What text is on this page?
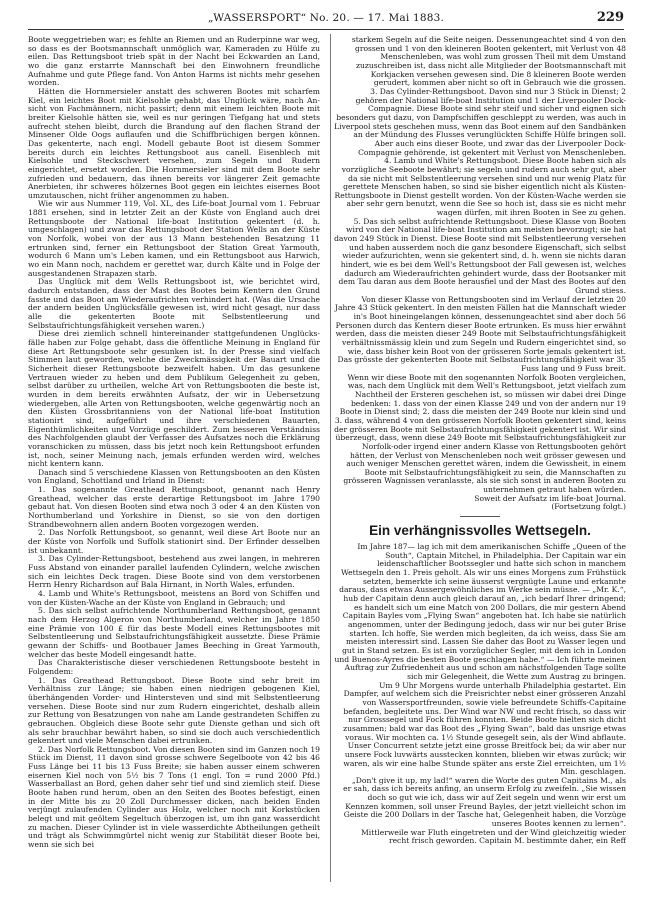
„WASSERSPORT“ No. 20. — 17. Mai 1883.	229

Boote weggetrieben war; es fehlte an Riemen und an Ruderpinne war weg, so dass es der Bootsmannschaft unmöglich war, Kameraden zu Hülfe zu eilen. Das Rettungsboot trieb spät in der Nacht bei Eckwarden an Land, wo die ganz erstarrte Mannschaft bei den Einwohnern freundliche Aufnahme und gute Pflege fand. Von Anton Harms ist nichts mehr gesehen worden.

Hätten die Hornmersieler anstatt des schweren Bootes mit scharfem Kiel, ein leichtes Boot mit Kielsohle gehabt, das Unglück wäre, nach Ansicht von Fachmännern, nicht passirt; denn mit einem leichten Boote mit breiter Kielsohle hätten sie, weil es nur geringen Tiefgang hat und stets aufrecht stehen bleibt, durch die Brandung auf den flachen Strand der Minsener Olde Oogs auflaufen und die Schiffbrüchigen bergen können. Das gekenterte, nach engl. Modell gebaute Boot ist diesem Sommer bereits durch ein leichtes Rettungsboot aus canell. Eisenblech mit Kielsohle und Steckschwert versehen, zum Segeln und Rudern eingerichtet, ersetzt worden. Die Hornmersieler sind mit dem Boote sehr zufrieden und bedauern, das ihnen bereits vor längerer Zeit gemachte Anerbieten, ihr schweres hölzernes Boot gegen ein leichtes eisernes Boot umzutauschen, nicht früher angenommen zu haben.

Wie wir aus Nummer 119, Vol. XL, des Life-boat Journal vom 1. Februar 1881 ersehen, sind in letzter Zeit an der Küste von England auch drei Rettungsboote der National life-boat Institution gekentert (d. h. umgeschlagen) und zwar das Rettungsboot der Station Wells an der Küste von Norfolk, wobei von der aus 13 Mann bestehenden Besatzung 11 ertrunken sind, ferner ein Rettungsboot der Station Great Yarmouth, wodurch 6 Mann um's Leben kamen, und ein Rettungsboot aus Harwich, wo ein Mann noch, nachdem er gerettet war, durch Kälte und in Folge der ausgestandenen Strapazen starb.

Das Unglück mit dem Wells Rettungsboot ist, wie berichtet wird, dadurch entstanden, dass der Mast des Bootes beim Kentern den Grund fasste und das Boot am Wiederaufrichten verhindert hat. (Was die Ursache der andern beiden Unglücksfälle gewesen ist, wird nicht gesagt, nur dass alle die gekenterten Boote mit Selbstentleerung und Selbstaufrichtungsfähigkeit versehen waren.)

Diese drei ziemlich schnell hintereinander stattgefundenen Unglücksfälle haben zur Folge gehabt, dass die öffentliche Meinung in England für diese Art Rettungsboote sehr gesunken ist. In der Presse sind vielfach Stimmen laut geworden, welche die Zweckmässigkeit der Bauart und die Sicherheit dieser Rettungsboote bezweifelt haben. Um das gesunkene Vertrauen wieder zu heben und dem Publikum Gelegenheit zu geben, selbst darüber zu urtheilen, welche Art von Rettungsbooten die beste ist, wurden in dem bereits erwähnten Aufsatz, der wir in Uebersetzung wiedergeben, alle Arten von Rettungsbooten, welche gegenwärtig noch an den Küsten Grossbritanniens von der National life-boat Institution stationirt sind, aufgeführt und ihre verschiedenen Bauarten, Eigenthümlichkeiten und Vorzüge geschildert. Zum besseren Verständniss des Nachfolgenden glaubt der Verfasser des Aufsatzes noch die Erklärung voranschicken zu müssen, dass bis jetzt noch kein Rettungsboot erfunden ist, noch, seiner Meinung nach, jemals erfunden werden wird, welches nicht kentern kann.

Danach sind 5 verschiedene Klassen von Rettungsbooten an den Küsten von England, Schottland und Irland in Dienst:

1. Das sogenannte Greathead Rettungsboot, genannt nach Henry Greathead, welcher das erste derartige Rettungsboot im Jahre 1790 gebaut hat. Von diesen Booten sind etwa noch 3 oder 4 an den Küsten von Northumberland und Yorkshire in Dienst, so sie von den dortigen Strandbewohnern allen andern Booten vorgezogen werden.

2. Das Norfolk Rettungsboot, so genannt, weil diese Art Boote nur an der Küste von Norfolk und Suffolk stationirt sind. Der Erfinder desselben ist unbekannt.

3. Das Cylinder-Rettungsboot, bestehend aus zwei langen, in mehreren Fuss Abstand von einander parallel laufenden Cylindern, welche zwischen sich ein leichtes Deck tragen. Diese Boote sind von dem verstorbenen Herrn Henry Richardson auf Bala Hirnant, in North Wales, erfunden.

4. Lamb und White's Rettungsboot, meistens an Bord von Schiffen und von der Küsten-Wache an der Küste von England in Gebrauch; und

5. Das sich selbst aufrichtende Northumberland Rettungsboot, genannt nach dem Herzog Algeron von Northumberland, welcher im Jahre 1850 eine Prämie von 100 £ für das beste Modell eines Rettungsbootes mit Selbstentleerung und Selbstaufrichtungsfähigkeit aussetzte. Diese Prämie gewann der Schiffs- und Bootbauer James Beeching in Great Yarmouth, welcher das beste Modell eingesandt hatte.

Das Charakteristische dieser verschiedenen Rettungsboote besteht in Folgendem:

1. Das Greathead Rettungsboot. Diese Boote sind sehr breit im Verhältniss zur Länge; sie haben einen niedrigen gebogenen Kiel, überhängenden Vorder- und Hintersteven und sind mit Selbstentleerung versehen. Diese Boote sind nur zum Rudern eingerichtet, deshalb allein zur Rettung von Besatzungen von nahe am Lande gestrandeten Schiffen zu gebrauchen. Obgleich diese Boote sehr gute Dienste gethan und sich oft als sehr brauchbar bewährt haben, so sind sie doch auch verschiedentlich gekentert und viele Menschen dabei ertrunken.

2. Das Norfolk Rettungsboot. Von diesen Booten sind im Ganzen noch 19 Stück im Dienst, 11 davon sind grosse schwere Segelboote von 42 bis 46 Fuss Länge bei 11 bis 13 Fuss Breite; sie haben ausser einem schweren eisernen Kiel noch von 5½ bis 7 Tons (1 engl. Ton = rund 2000 Pfd.) Wasserballast an Bord, gehen daher sehr tief und sind ziemlich steif. Diese Boote haben rund herum, oben an den Seiten des Bootes befestigt, einen in der Mitte bis zu 20 Zoll Durchmesser dicken, nach beiden Enden verjüngt zulaufenden Cylinder aus Holz, welcher noch mit Korkstücken belegt und mit geöltem Segeltuch überzogen ist, um ihn ganz wasserdicht zu machen. Dieser Cylinder ist in viele wasserdichte Abtheilungen getheilt und trägt als Schwimmgürtel nicht wenig zur Stabilität dieser Boote bei, wenn sie sich bei

starkem Segeln auf die Seite neigen. Dessenungeachtet sind 4 von den grossen und 1 von den kleineren Booten gekentert, mit Verlust von 48 Menschenleben, was wohl zum grossen Theil mit dem Umstand zuzuschreiben ist, dass nicht alle Mitglieder der Bootsmannschaft mit Korkjacken versehen gewesen sind. Die 8 kleineren Boote werden gerudert, kommen aber nicht so oft in Gebrauch wie die grossen.

3. Das Cylinder-Rettungsboot. Davon sind nur 3 Stück in Dienst; 2 gehören der National life-boat Institution und 1 der Liverpooler Dock-Compagnie. Diese Boote sind sehr steif und sicher und eignen sich besonders gut dazu, von Dampfschiffen geschleppt zu werden, was auch in Liverpool stets geschehen muss, wenn das Boot einem auf den Sandbänken an der Mündung des Flusses verunglückten Schiffe Hülfe bringen soll. Aber auch eins dieser Boote, und zwar das der Liverpooler Dock-Compagnie gehörende, ist gekentert mit Verlust von Menschenleben.

4. Lamb und White's Rettungsboot. Diese Boote haben sich als vorzügliche Seeboote bewährt; sie segeln und rudern auch sehr gut, aber da sie nicht mit Selbstentleerung versehen sind und nur wenig Platz für gerettete Menschen haben, so sind sie bisher eigentlich nicht als Küsten-Rettungsboote in Dienst gestellt worden. Von der Küsten-Wache werden sie aber sehr gern benutzt, wenn die See so hoch ist, dass sie es nicht mehr wagen dürfen, mit ihren Booten in See zu gehen.

5. Das sich selbst aufrichtende Rettungsboot. Diese Klasse von Booten wird von der National life-boat Institution am meisten bevorzugt; sie hat davon 249 Stück in Dienst. Diese Boote sind mit Selbstentleerung versehen und haben ausserdem noch die ganz besondere Eigenschaft, sich selbst wieder aufzurichten, wenn sie gekentert sind, d. h. wenn sie nichts daran hindert, wie es bei dem Well's Rettungsboot der Fall gewesen ist, welches dadurch am Wiederaufrichten gehindert wurde, dass der Bootsanker mit dem Tau daran aus dem Boote herausfiel und der Mast des Bootes auf den Grund stiess.

Von dieser Klasse von Rettungsbooten sind im Verlauf der letzten 20 Jahre 43 Stück gekentert. In den meisten Fällen hat die Mannschaft wieder in's Boot hineingelangen können, dessenungeachtet sind aber doch 56 Personen durch das Kentern dieser Boote ertrunken. Es muss hier erwähnt werden, dass die meisten dieser 249 Boote mit Selbstaufrichtungsfähigkeit verhältnissmässig klein und zum Segeln und Rudern eingerichtet sind, so wie, dass bisher kein Boot von der grösseren Sorte jemals gekentert ist. Das grösste der gekenterten Boote mit Selbstaufrichtungsfähigkeit war 35 Fuss lang und 9 Fuss breit.

Wenn wir diese Boote mit den sogenannten Norfolk Booten vergleichen, was, nach dem Unglück mit dem Well's Rettungsboot, jetzt vielfach zum Nachtheil der Ersteren geschehen ist, so müssen wir dabei drei Dinge bedenken: 1. dass von der einen Klasse 249 und von der andern nur 19 Boote in Dienst sind; 2. dass die meisten der 249 Boote nur klein sind und 3. dass, während 4 von den grösseren Norfolk Booten gekentert sind, keins der grösseren Boote mit Selbstaufrichtungsfähigkeit gekentert ist. Wir sind überzeugt, dass, wenn diese 249 Boote mit Selbstaufrichtungsfähigkeit zur Norfolk-oder irgend einer andern Klasse von Rettungsbooten gehört hätten, der Verlust von Menschenleben noch weit grösser gewesen und auch weniger Menschen gerettet wären, indem die Gewissheit, in einem Boote mit Selbstaufrichtungsfähigkeit zu sein, die Mannschaften zu grösseren Wagnissen veranlasste, als sie sich sonst in anderen Booten zu unternehmen getraut haben würden.

Soweit der Aufsatz im life-boat Journal.

(Fortsetzung folgt.)

Ein verhängnissvolles Wettsegeln.

Im Jahre 187— lag ich mit dem amerikanischen Schiffe „Queen of the South“, Captain Mitchel, in Philadelphia. Der Capitain war ein leidenschaftlicher Bootssegler und hatte sich schon in manchem Wettsegeln den 1. Preis geholt. Als wir uns eines Morgens zum Frühstück setzten, bemerkte ich seine äusserst vergnügte Laune und erkannte daraus, dass etwas Aussergewöhnliches im Werke sein müsse. — „Mr. K.“, hub der Capitain denn auch gleich darauf an, „ich bedarf Ihrer dringend; es handelt sich um eine Match von 200 Dollars, die mir gestern Abend Capitain Bayles vom „Flying Swan“ angeboten hat. Ich habe sie natürlich angenommen, unter der Bedingung jedoch, dass wir nur bei guter Brise starten. Ich hoffe, Sie werden mich begleiten, da ich weiss, dass Sie am meisten interessirt sind. Lassen Sie daher das Boot zu Wasser legen und gut in Stand setzen. Es ist ein vorzüglicher Segler, mit dem ich in London und Buenos-Ayres die besten Boote geschlagen habe.“ — Ich führte meinen Auftrag zur Zufriedenheit aus und schon am nächstfolgenden Tage sollte sich mir Gelegenheit, die Wette zum Austrag zu bringen.

Um 9 Uhr Morgens wurde unterhalb Philadelphia gestartet. Ein Dampfer, auf welchem sich die Preisrichter nebst einer grösseren Anzahl von Wassersportfreunden, sowie viele befreundete Schiffs-Capitaine befanden, begleitete uns. Der Wind war NW und recht frisch, so dass wir nur Grosssegel und Fock führen konnten. Beide Boote hielten sich dicht zusammen; bald war das Boot des „Flying Swan“, bald das unsrige etwas voraus. Wir mochten ca. 1½ Stunde gesegelt sein, als der Wind abflaute. Unser Concurrent setzte jetzt eine grosse Breitfock bei; da wir aber nur unsere Fock luvwärts ausstecken konnten, blieben wir etwas zurück; wir waren, als wir eine halbe Stunde später ans erste Ziel erreichten, um 1½ Min. geschlagen.

„Don't give it up, my lad!“ waren die Worte des guten Capitains M., als er sah, dass ich bereits anfing, an unserm Erfolg zu zweifeln. „Sie wissen doch so gut wie ich, dass wir auf Zeit segeln und wenn wir erst um Kennzen kommen, soll unser Freund Bayles, der jetzt vielleicht schon im Geiste die 200 Dollars in der Tasche hat, Gelegenheit haben, die Vorzüge unseres Bootes kennen zu lernen“.

Mittlerweile war Fluth eingetreten und der Wind gleichzeitig wieder recht frisch geworden. Capitain M. bestimmte daher, ein Reff
